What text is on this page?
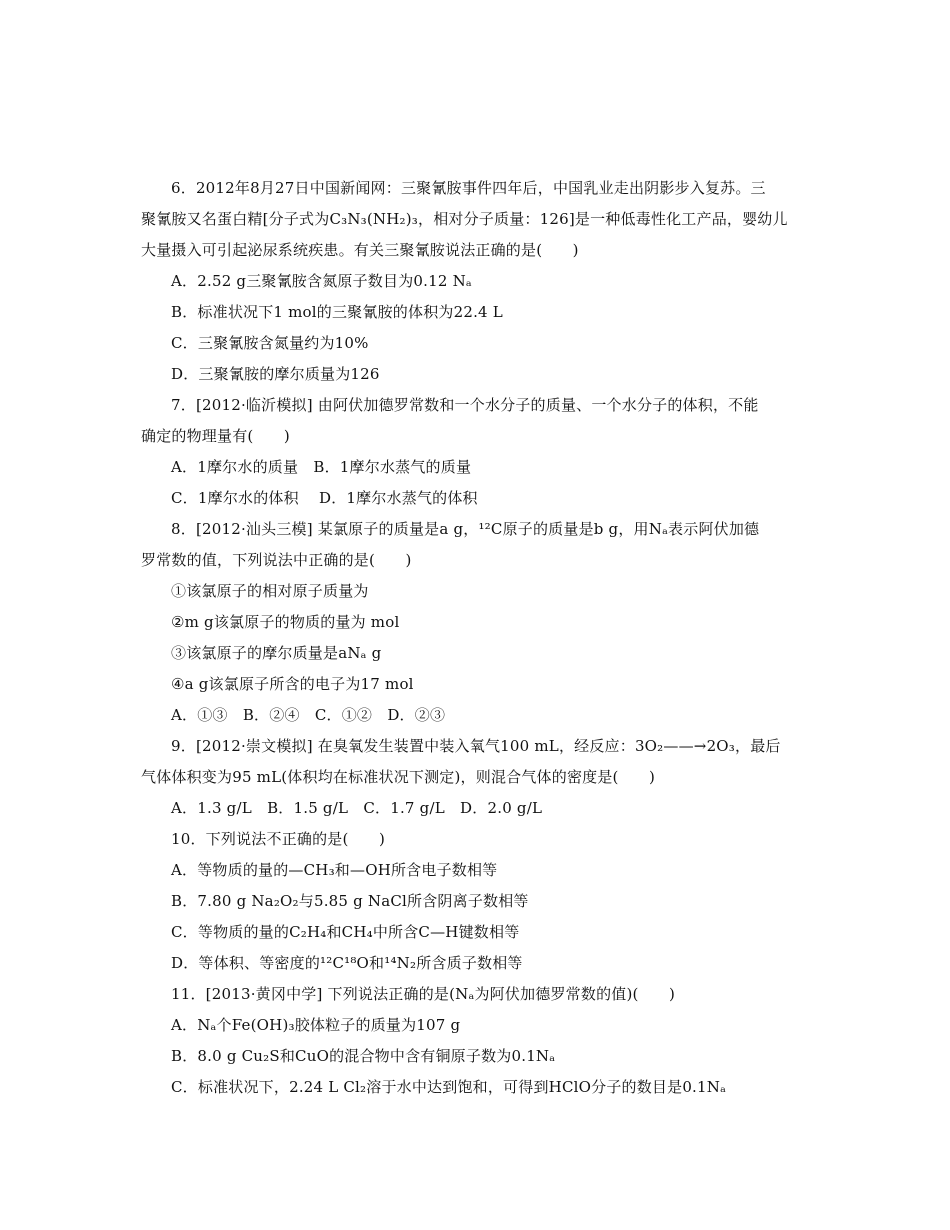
6．2012年8月27日中国新闻网：三聚氰胺事件四年后，中国乳业走出阴影步入复苏。三
聚氰胺又名蛋白精[分子式为C₃N₃(NH₂)₃，相对分子质量：126]是一种低毒性化工产品，婴幼儿
大量摄入可引起泌尿系统疾患。有关三聚氰胺说法正确的是(　　)
A．2.52 g三聚氰胺含氮原子数目为0.12 Nₐ
B．标准状况下1 mol的三聚氰胺的体积为22.4 L
C．三聚氰胺含氮量约为10%
D．三聚氰胺的摩尔质量为126
7．[2012·临沂模拟] 由阿伏加德罗常数和一个水分子的质量、一个水分子的体积，不能
确定的物理量有(　　)
A．1摩尔水的质量　B．1摩尔水蒸气的质量
C．1摩尔水的体积　 D．1摩尔水蒸气的体积
8．[2012·汕头三模] 某氯原子的质量是a g，¹²C原子的质量是b g，用Nₐ表示阿伏加德
罗常数的值，下列说法中正确的是(　　)
①该氯原子的相对原子质量为
②m g该氯原子的物质的量为 mol
③该氯原子的摩尔质量是aNₐ g
④a g该氯原子所含的电子为17 mol
A．①③　B．②④　C．①②　D．②③
9．[2012·崇文模拟] 在臭氧发生装置中装入氧气100 mL，经反应：3O₂——→2O₃，最后
气体体积变为95 mL(体积均在标准状况下测定)，则混合气体的密度是(　　)
A．1.3 g/L　B．1.5 g/L　C．1.7 g/L　D．2.0 g/L
10．下列说法不正确的是(　　)
A．等物质的量的—CH₃和—OH所含电子数相等
B．7.80 g Na₂O₂与5.85 g NaCl所含阴离子数相等
C．等物质的量的C₂H₄和CH₄中所含C—H键数相等
D．等体积、等密度的¹²C¹⁸O和¹⁴N₂所含质子数相等
11．[2013·黄冈中学] 下列说法正确的是(Nₐ为阿伏加德罗常数的值)(　　)
A．Nₐ个Fe(OH)₃胶体粒子的质量为107 g
B．8.0 g Cu₂S和CuO的混合物中含有铜原子数为0.1Nₐ
C．标准状况下，2.24 L Cl₂溶于水中达到饱和，可得到HClO分子的数目是0.1Nₐ
